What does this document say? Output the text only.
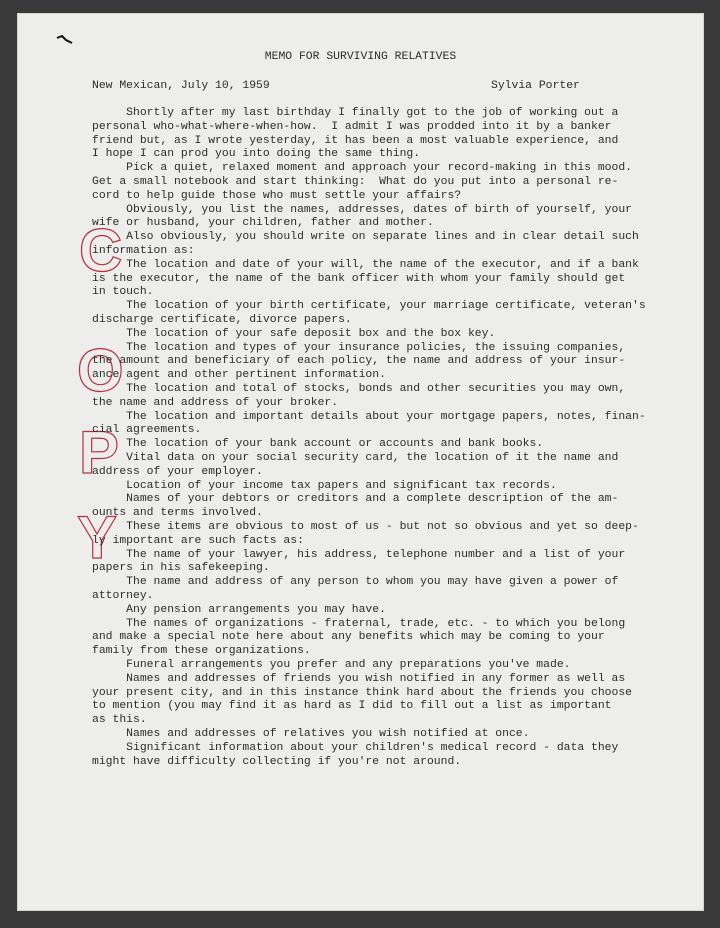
C
O
P
Y
MEMO FOR SURVIVING RELATIVES
New Mexican, July 10, 1959	Sylvia Porter
Shortly after my last birthday I finally got to the job of working out a
personal who-what-where-when-how.  I admit I was prodded into it by a banker
friend but, as I wrote yesterday, it has been a most valuable experience, and
I hope I can prod you into doing the same thing.
Pick a quiet, relaxed moment and approach your record-making in this mood.
Get a small notebook and start thinking:  What do you put into a personal re-
cord to help guide those who must settle your affairs?
Obviously, you list the names, addresses, dates of birth of yourself, your
wife or husband, your children, father and mother.
Also obviously, you should write on separate lines and in clear detail such
information as:
The location and date of your will, the name of the executor, and if a bank
is the executor, the name of the bank officer with whom your family should get
in touch.
The location of your birth certificate, your marriage certificate, veteran's
discharge certificate, divorce papers.
The location of your safe deposit box and the box key.
The location and types of your insurance policies, the issuing companies,
the amount and beneficiary of each policy, the name and address of your insur-
ance agent and other pertinent information.
The location and total of stocks, bonds and other securities you may own,
the name and address of your broker.
The location and important details about your mortgage papers, notes, finan-
cial agreements.
The location of your bank account or accounts and bank books.
Vital data on your social security card, the location of it the name and
address of your employer.
Location of your income tax papers and significant tax records.
Names of your debtors or creditors and a complete description of the am-
ounts and terms involved.
These items are obvious to most of us - but not so obvious and yet so deep-
ly important are such facts as:
The name of your lawyer, his address, telephone number and a list of your
papers in his safekeeping.
The name and address of any person to whom you may have given a power of
attorney.
Any pension arrangements you may have.
The names of organizations - fraternal, trade, etc. - to which you belong
and make a special note here about any benefits which may be coming to your
family from these organizations.
Funeral arrangements you prefer and any preparations you've made.
Names and addresses of friends you wish notified in any former as well as
your present city, and in this instance think hard about the friends you choose
to mention (you may find it as hard as I did to fill out a list as important
as this.
Names and addresses of relatives you wish notified at once.
Significant information about your children's medical record - data they
might have difficulty collecting if you're not around.
